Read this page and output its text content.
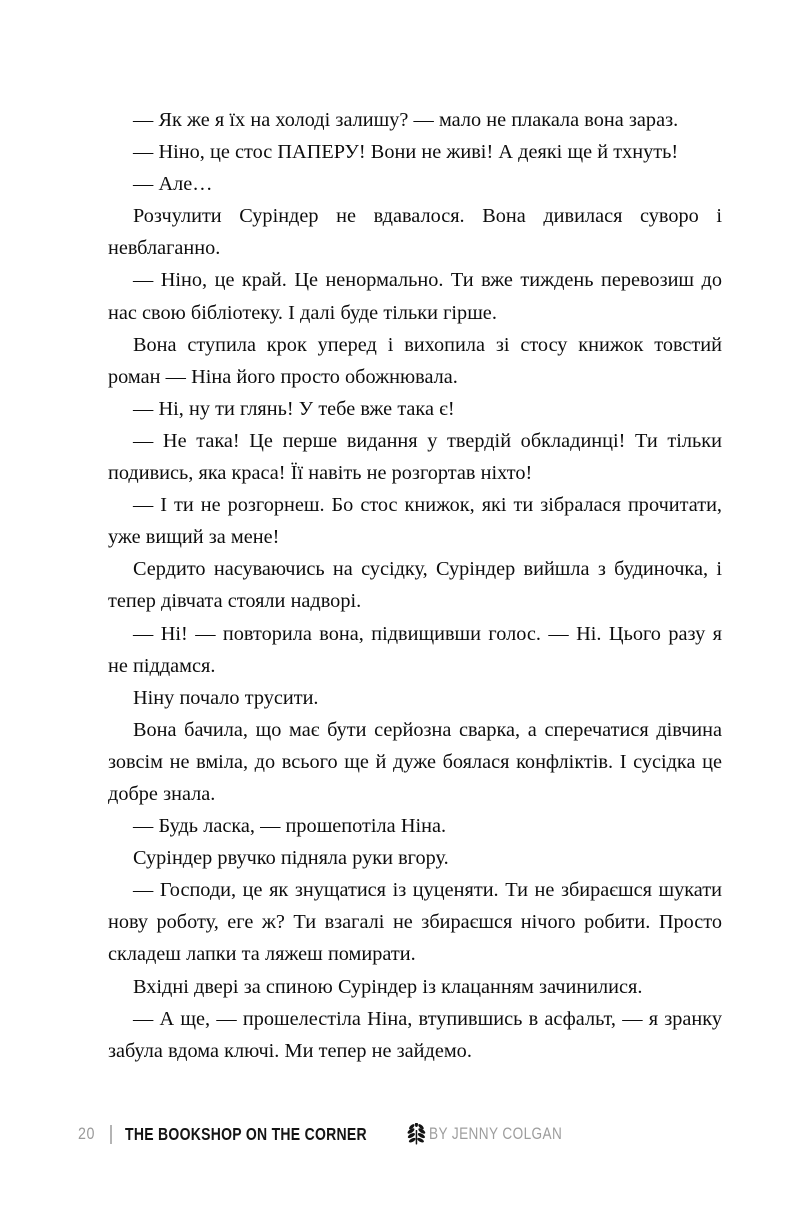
— Як же я їх на холоді залишу? — мало не плакала вона зараз.

— Ніно, це стос ПАПЕРУ! Вони не живі! А деякі ще й тхнуть!

— Але…

Розчулити Суріндер не вдавалося. Вона дивилася суворо і невблаганно.

— Ніно, це край. Це ненормально. Ти вже тиждень перевозиш до нас свою бібліотеку. І далі буде тільки гірше.

Вона ступила крок уперед і вихопила зі стосу книжок товстий роман — Ніна його просто обожнювала.

— Ні, ну ти глянь! У тебе вже така є!

— Не така! Це перше видання у твердій обкладинці! Ти тільки подивись, яка краса! Її навіть не розгортав ніхто!

— І ти не розгорнеш. Бо стос книжок, які ти зібралася прочитати, уже вищий за мене!

Сердито насуваючись на сусідку, Суріндер вийшла з будиночка, і тепер дівчата стояли надворі.

— Ні! — повторила вона, підвищивши голос. — Ні. Цього разу я не піддамся.

Ніну почало трусити.

Вона бачила, що має бути серйозна сварка, а сперечатися дівчина зовсім не вміла, до всього ще й дуже боялася конфліктів. І сусідка це добре знала.

— Будь ласка, — прошепотіла Ніна.

Суріндер рвучко підняла руки вгору.

— Господи, це як знущатися із цуценяти. Ти не збираєшся шукати нову роботу, еге ж? Ти взагалі не збираєшся нічого робити. Просто складеш лапки та ляжеш помирати.

Вхідні двері за спиною Суріндер із клацанням зачинилися.

— А ще, — прошелестіла Ніна, втупившись в асфальт, — я зранку забула вдома ключі. Ми тепер не зайдемо.

20 THE BOOKSHOP ON THE CORNER	BY JENNY COLGAN
